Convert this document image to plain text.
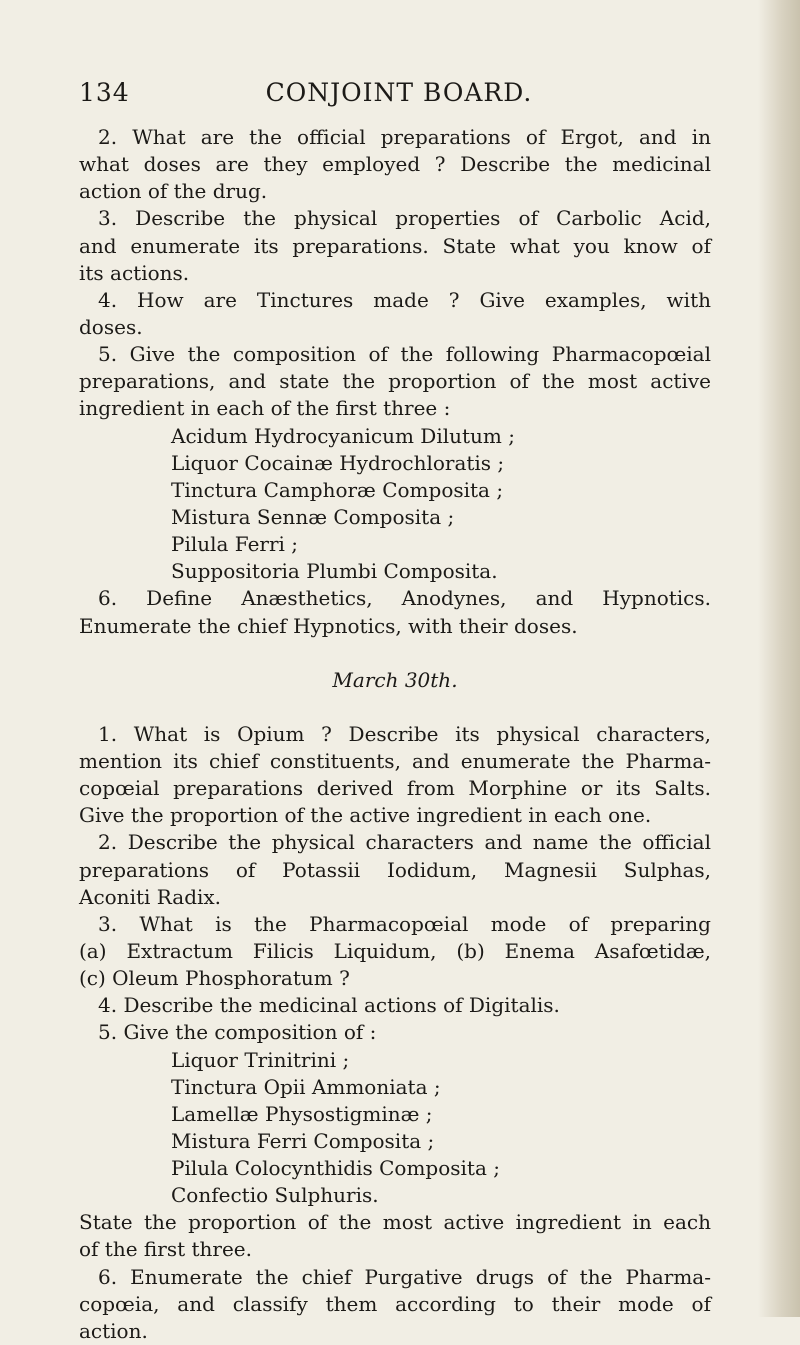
134	CONJOINT BOARD.
2. What are the official preparations of Ergot, and in
what doses are they employed ? Describe the medicinal
action of the drug.
3. Describe the physical properties of Carbolic Acid,
and enumerate its preparations. State what you know of
its actions.
4. How are Tinctures made ? Give examples, with
doses.
5. Give the composition of the following Pharmacopœial
preparations, and state the proportion of the most active
ingredient in each of the first three :
Acidum Hydrocyanicum Dilutum ;
Liquor Cocainæ Hydrochloratis ;
Tinctura Camphoræ Composita ;
Mistura Sennæ Composita ;
Pilula Ferri ;
Suppositoria Plumbi Composita.
6. Define Anæsthetics, Anodynes, and Hypnotics.
Enumerate the chief Hypnotics, with their doses.
March 30th.
1. What is Opium ? Describe its physical characters,
mention its chief constituents, and enumerate the Pharma-
copœial preparations derived from Morphine or its Salts.
Give the proportion of the active ingredient in each one.
2. Describe the physical characters and name the official
preparations of Potassii Iodidum, Magnesii Sulphas,
Aconiti Radix.
3. What is the Pharmacopœial mode of preparing
(a) Extractum Filicis Liquidum, (b) Enema Asafœtidæ,
(c) Oleum Phosphoratum ?
4. Describe the medicinal actions of Digitalis.
5. Give the composition of :
Liquor Trinitrini ;
Tinctura Opii Ammoniata ;
Lamellæ Physostigminæ ;
Mistura Ferri Composita ;
Pilula Colocynthidis Composita ;
Confectio Sulphuris.
State the proportion of the most active ingredient in each
of the first three.
6. Enumerate the chief Purgative drugs of the Pharma-
copœia, and classify them according to their mode of
action.
